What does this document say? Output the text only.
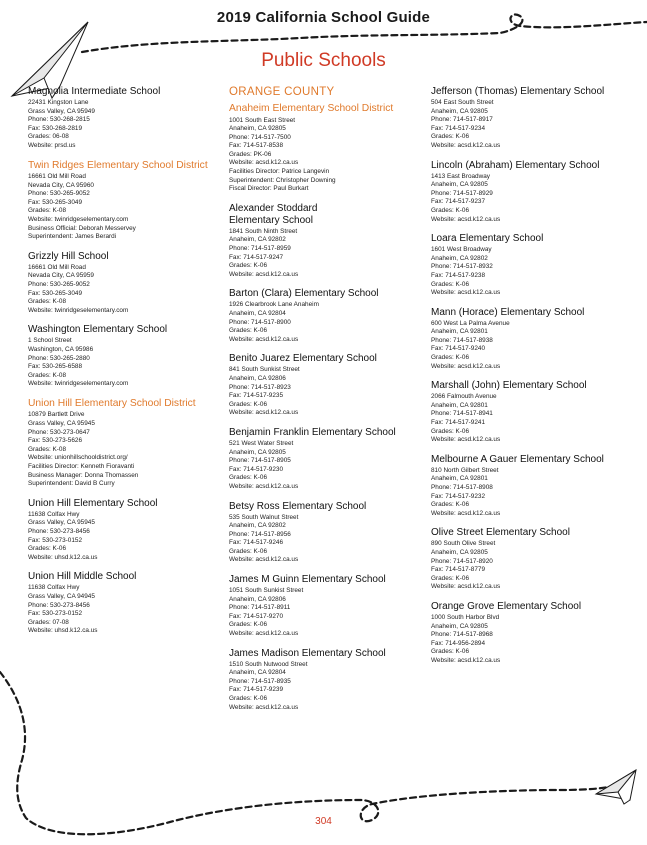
2019 California School Guide
Public Schools
Magnolia Intermediate School
22431 Kingston Lane
Grass Valley, CA 95949
Phone: 530-268-2815
Fax: 530-268-2819
Grades: 06-08
Website: prsd.us
Twin Ridges Elementary School District
16661 Old Mill Road
Nevada City, CA 95960
Phone: 530-265-9052
Fax: 530-265-3049
Grades: K-08
Website: twinridgeselementary.com
Business Official: Deborah Messervey
Superintendent: James Berardi
Grizzly Hill School
16661 Old Mill Road
Nevada City, CA 95959
Phone: 530-265-9052
Fax: 530-265-3049
Grades: K-08
Website: twinridgeselementary.com
Washington Elementary School
1 School Street
Washington, CA 95986
Phone: 530-265-2880
Fax: 530-265-6588
Grades: K-08
Website: twinridgeselementary.com
Union Hill Elementary School District
10879 Bartlett Drive
Grass Valley, CA 95945
Phone: 530-273-0647
Fax: 530-273-5626
Grades: K-08
Website: unionhillschooldistrict.org/
Facilities Director: Kenneth Fioravanti
Business Manager: Donna Thomassen
Superintendent: David B Curry
Union Hill Elementary School
11638 Colfax Hwy
Grass Valley, CA 95945
Phone: 530-273-8456
Fax: 530-273-0152
Grades: K-06
Website: uhsd.k12.ca.us
Union Hill Middle School
11638 Colfax Hwy
Grass Valley, CA 94945
Phone: 530-273-8456
Fax: 530-273-0152
Grades: 07-08
Website: uhsd.k12.ca.us
ORANGE COUNTY
Anaheim Elementary School District
1001 South East Street
Anaheim, CA 92805
Phone: 714-517-7500
Fax: 714-517-8538
Grades: PK-06
Website: acsd.k12.ca.us
Facilities Director: Patrice Langevin
Superintendent: Christopher Downing
Fiscal Director: Paul Burkart
Alexander Stoddard
Elementary School
1841 South Ninth Street
Anaheim, CA 92802
Phone: 714-517-8959
Fax: 714-517-9247
Grades: K-06
Website: acsd.k12.ca.us
Barton (Clara) Elementary School
1926 Clearbrook Lane Anaheim
Anaheim, CA 92804
Phone: 714-517-8900
Grades: K-06
Website: acsd.k12.ca.us
Benito Juarez Elementary School
841 South Sunkist Street
Anaheim, CA 92806
Phone: 714-517-8923
Fax: 714-517-9235
Grades: K-06
Website: acsd.k12.ca.us
Benjamin Franklin Elementary School
521 West Water Street
Anaheim, CA 92805
Phone: 714-517-8905
Fax: 714-517-9230
Grades: K-06
Website: acsd.k12.ca.us
Betsy Ross Elementary School
535 South Walnut Street
Anaheim, CA 92802
Phone: 714-517-8956
Fax: 714-517-9246
Grades: K-06
Website: acsd.k12.ca.us
James M Guinn Elementary School
1051 South Sunkist Street
Anaheim, CA 92806
Phone: 714-517-8911
Fax: 714-517-9270
Grades: K-06
Website: acsd.k12.ca.us
James Madison Elementary School
1510 South Nutwood Street
Anaheim, CA 92804
Phone: 714-517-8935
Fax: 714-517-9239
Grades: K-06
Website: acsd.k12.ca.us
Jefferson (Thomas) Elementary School
504 East South Street
Anaheim, CA 92805
Phone: 714-517-8917
Fax: 714-517-9234
Grades: K-06
Website: acsd.k12.ca.us
Lincoln (Abraham) Elementary School
1413 East Broadway
Anaheim, CA 92805
Phone: 714-517-8929
Fax: 714-517-9237
Grades: K-06
Website: acsd.k12.ca.us
Loara Elementary School
1601 West Broadway
Anaheim, CA 92802
Phone: 714-517-8932
Fax: 714-517-9238
Grades: K-06
Website: acsd.k12.ca.us
Mann (Horace) Elementary School
600 West La Palma Avenue
Anaheim, CA 92801
Phone: 714-517-8938
Fax: 714-517-9240
Grades: K-06
Website: acsd.k12.ca.us
Marshall (John) Elementary School
2066 Falmouth Avenue
Anaheim, CA 92801
Phone: 714-517-8941
Fax: 714-517-9241
Grades: K-06
Website: acsd.k12.ca.us
Melbourne A Gauer Elementary School
810 North Gilbert Street
Anaheim, CA 92801
Phone: 714-517-8908
Fax: 714-517-9232
Grades: K-06
Website: acsd.k12.ca.us
Olive Street Elementary School
890 South Olive Street
Anaheim, CA 92805
Phone: 714-517-8920
Fax: 714-517-8779
Grades: K-06
Website: acsd.k12.ca.us
Orange Grove Elementary School
1000 South Harbor Blvd
Anaheim, CA 92805
Phone: 714-517-8968
Fax: 714-956-2894
Grades: K-06
Website: acsd.k12.ca.us
304
